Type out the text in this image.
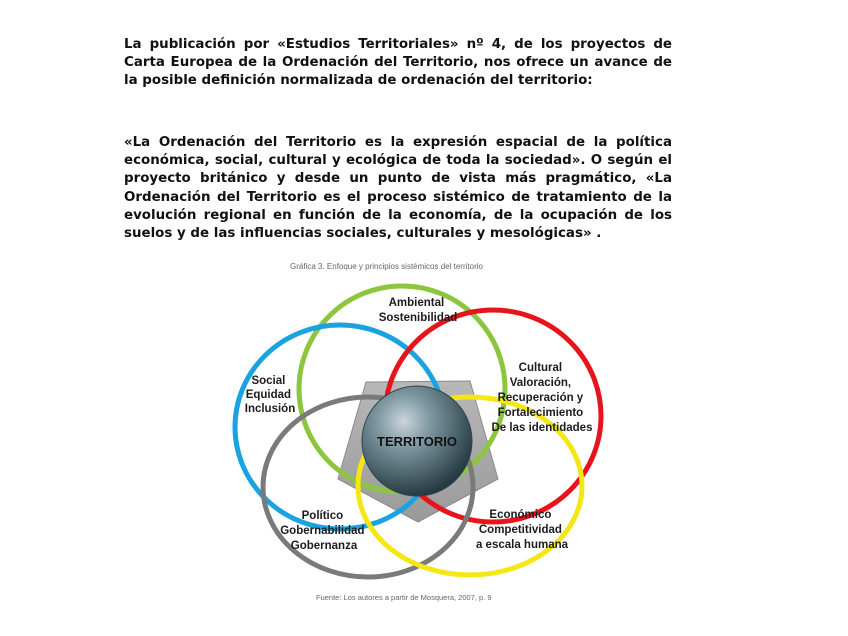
La publicación por «Estudios Territoriales» nº 4, de los proyectos de Carta Europea de la Ordenación del Territorio, nos ofrece un avance de la posible definición normalizada de ordenación del territorio:
«La Ordenación del Territorio es la expresión espacial de la política económica, social, cultural y ecológica de toda la sociedad». O según el proyecto británico y desde un punto de vista más pragmático, «La Ordenación del Territorio es el proceso sistémico de tratamiento de la evolución regional en función de la economía, de la ocupación de los suelos y de las influencias sociales, culturales y mesológicas» .
Gráfica 3. Enfoque y principios sistémicos del territorio
TERRITORIO
Ambiental Sostenibilidad
Social Equidad Inclusión
Cultural Valoración, Recuperación y Fortalecimiento De las identidades
Político Gobernabilidad Gobernanza
Económico Competitividad a escala humana
Fuente: Los autores a partir de Mosquera, 2007, p. 9
